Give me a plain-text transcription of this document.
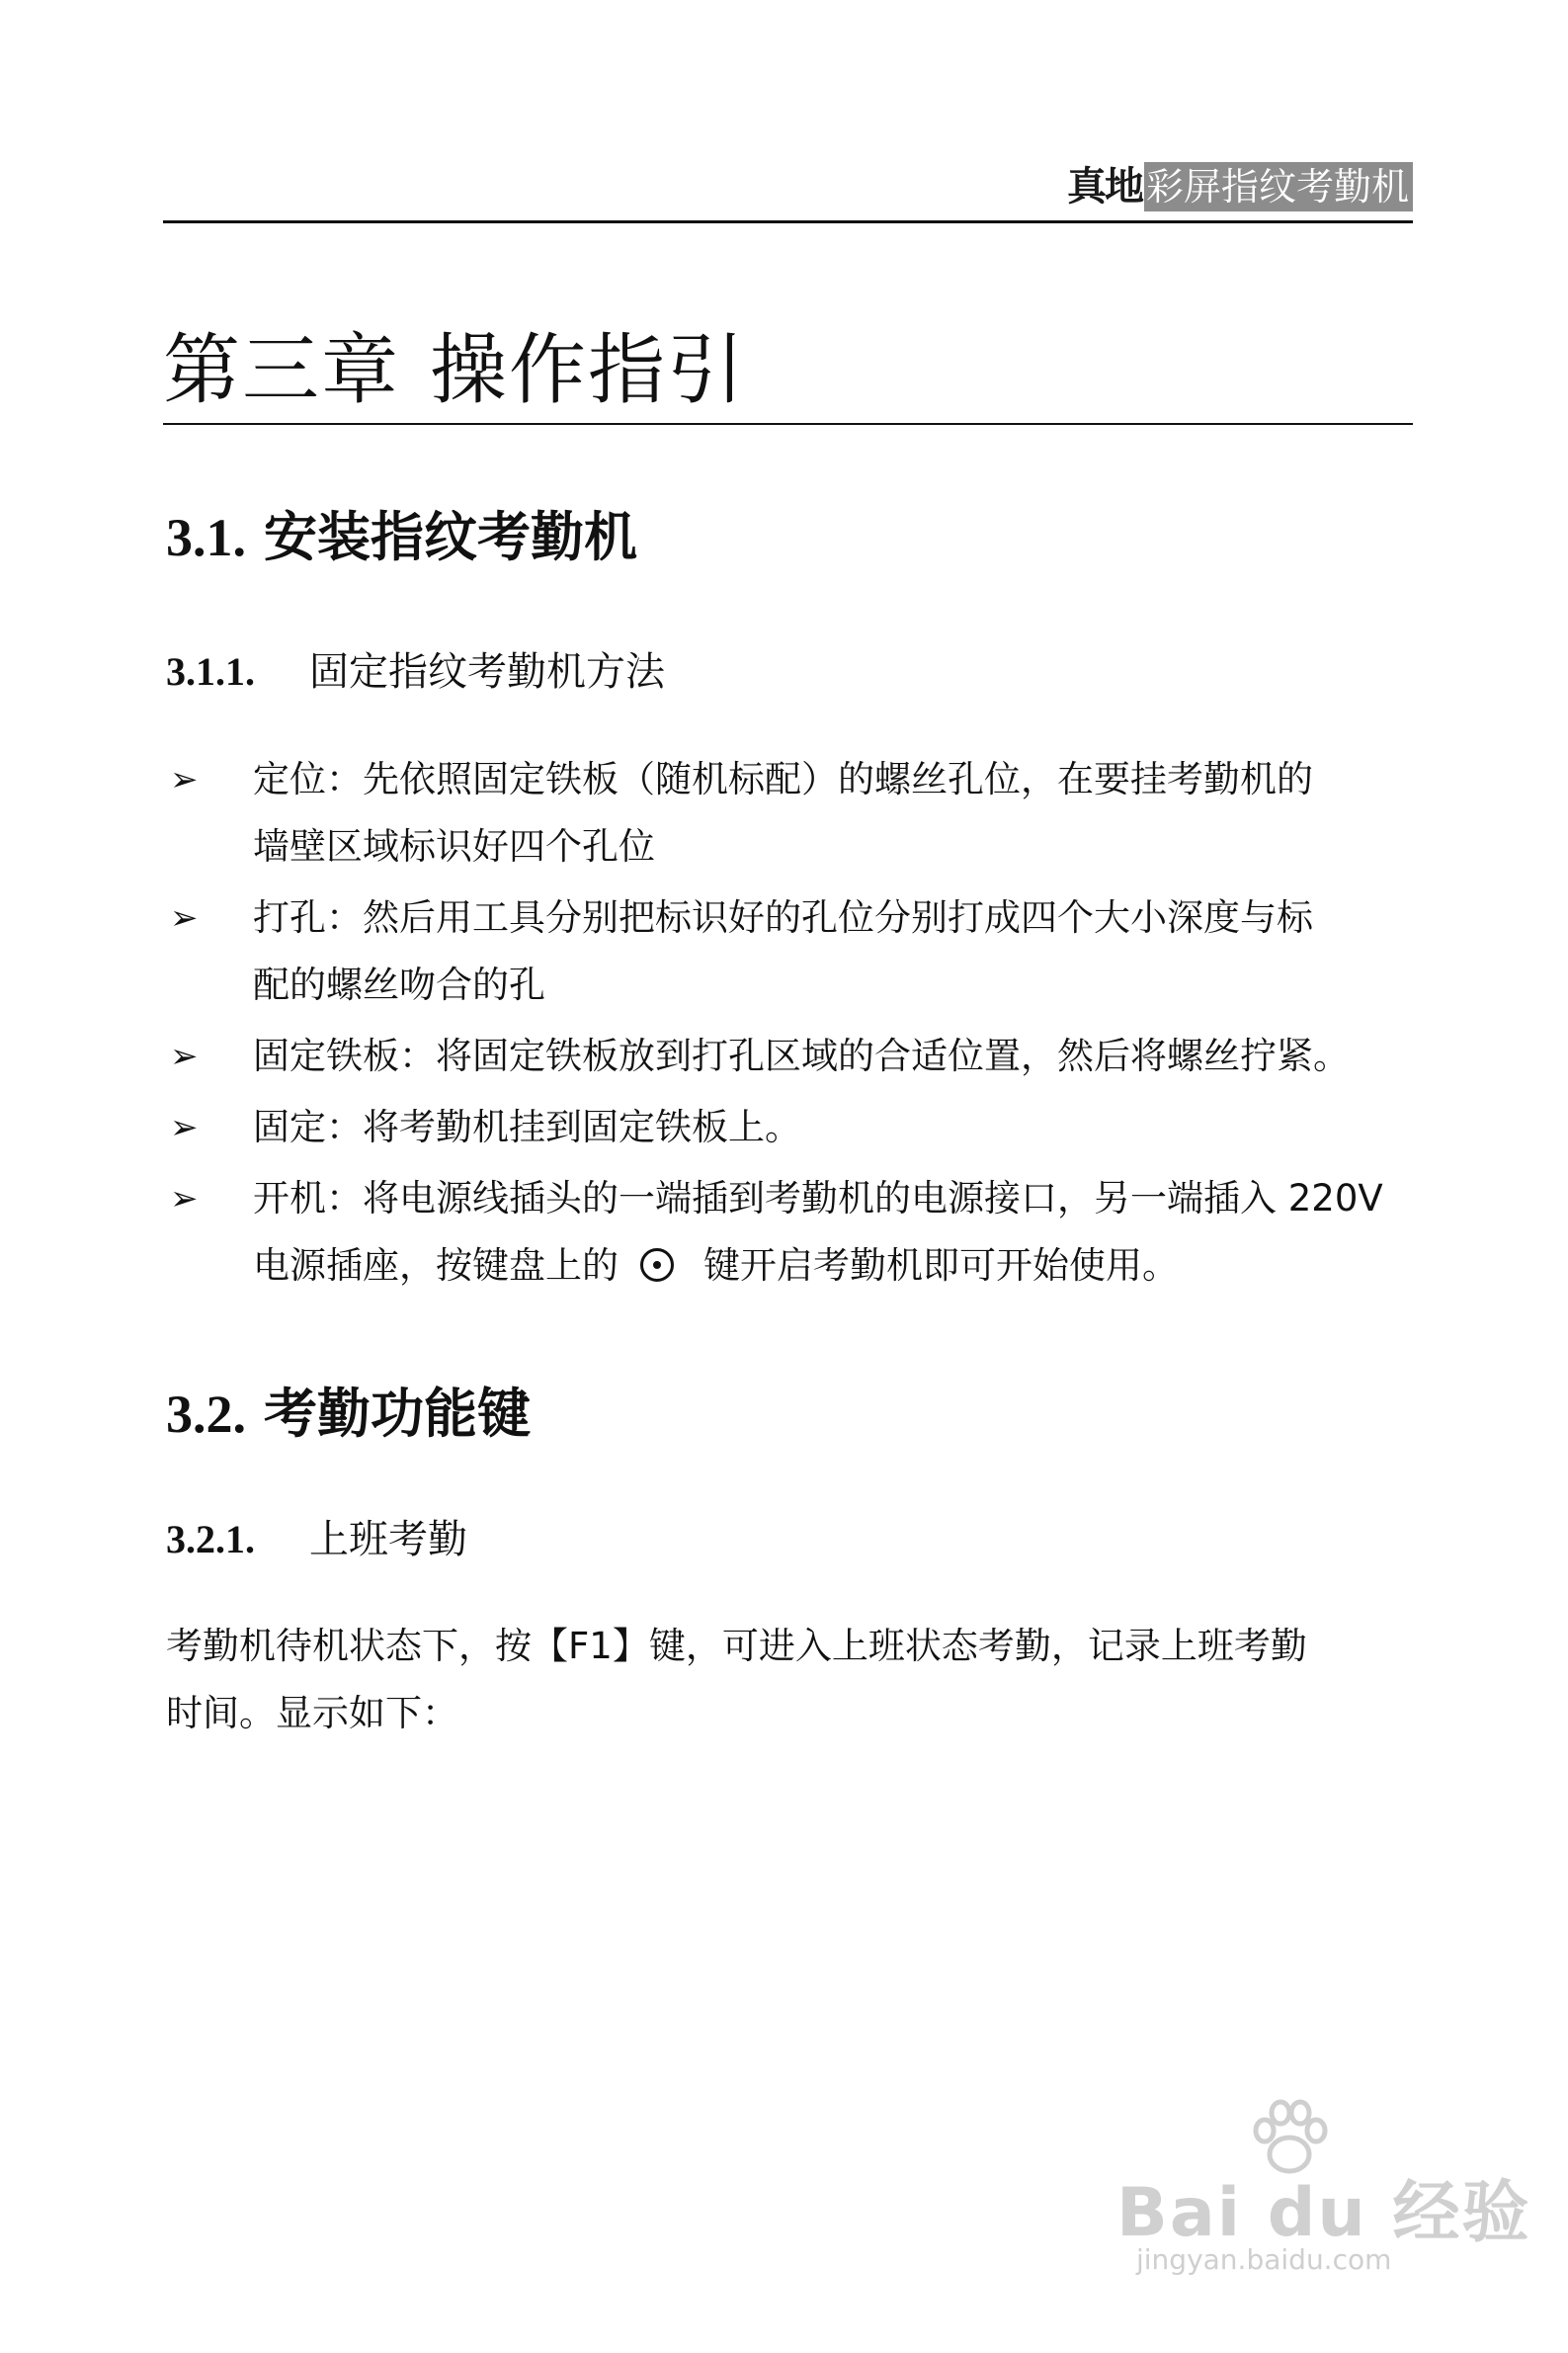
真地 彩屏指纹考勤机
第三章 操作指引
3.1. 安装指纹考勤机
3.1.1. 固定指纹考勤机方法
➢ 定位：先依照固定铁板（随机标配）的螺丝孔位，在要挂考勤机的
墙壁区域标识好四个孔位
➢ 打孔：然后用工具分别把标识好的孔位分别打成四个大小深度与标
配的螺丝吻合的孔
➢ 固定铁板：将固定铁板放到打孔区域的合适位置，然后将螺丝拧紧。
➢ 固定：将考勤机挂到固定铁板上。
➢ 开机：将电源线插头的一端插到考勤机的电源接口，另一端插入 220V
电源插座，按键盘上的 键开启考勤机即可开始使用。
3.2. 考勤功能键
3.2.1. 上班考勤
考勤机待机状态下，按【F1】键，可进入上班状态考勤，记录上班考勤
时间。显示如下：
Bai du 经验
jingyan.baidu.com
